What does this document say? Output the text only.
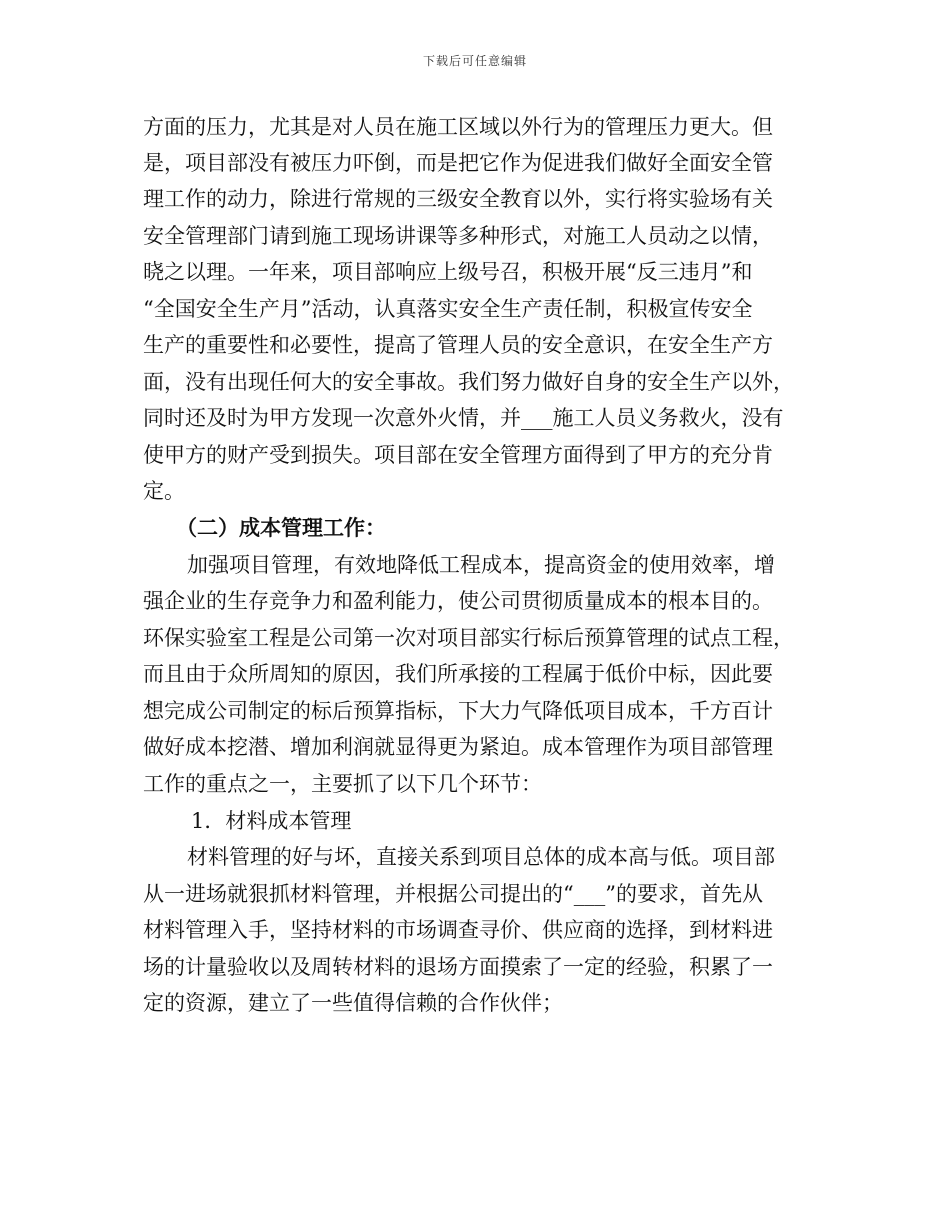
下载后可任意编辑
方面的压力，尤其是对人员在施工区域以外行为的管理压力更大。但
是，项目部没有被压力吓倒，而是把它作为促进我们做好全面安全管
理工作的动力，除进行常规的三级安全教育以外，实行将实验场有关
安全管理部门请到施工现场讲课等多种形式，对施工人员动之以情，
晓之以理。一年来，项目部响应上级号召，积极开展“反三违月”和
“全国安全生产月”活动，认真落实安全生产责任制，积极宣传安全
生产的重要性和必要性，提高了管理人员的安全意识，在安全生产方
面，没有出现任何大的安全事故。我们努力做好自身的安全生产以外，
同时还及时为甲方发现一次意外火情，并___施工人员义务救火，没有
使甲方的财产受到损失。项目部在安全管理方面得到了甲方的充分肯
定。
（二）成本管理工作：
加强项目管理，有效地降低工程成本，提高资金的使用效率，增
强企业的生存竞争力和盈利能力，使公司贯彻质量成本的根本目的。
环保实验室工程是公司第一次对项目部实行标后预算管理的试点工程，
而且由于众所周知的原因，我们所承接的工程属于低价中标，因此要
想完成公司制定的标后预算指标，下大力气降低项目成本，千方百计
做好成本挖潜、增加利润就显得更为紧迫。成本管理作为项目部管理
工作的重点之一，主要抓了以下几个环节：
1．材料成本管理
材料管理的好与坏，直接关系到项目总体的成本高与低。项目部
从一进场就狠抓材料管理，并根据公司提出的“___”的要求，首先从
材料管理入手，坚持材料的市场调查寻价、供应商的选择，到材料进
场的计量验收以及周转材料的退场方面摸索了一定的经验，积累了一
定的资源，建立了一些值得信赖的合作伙伴；
